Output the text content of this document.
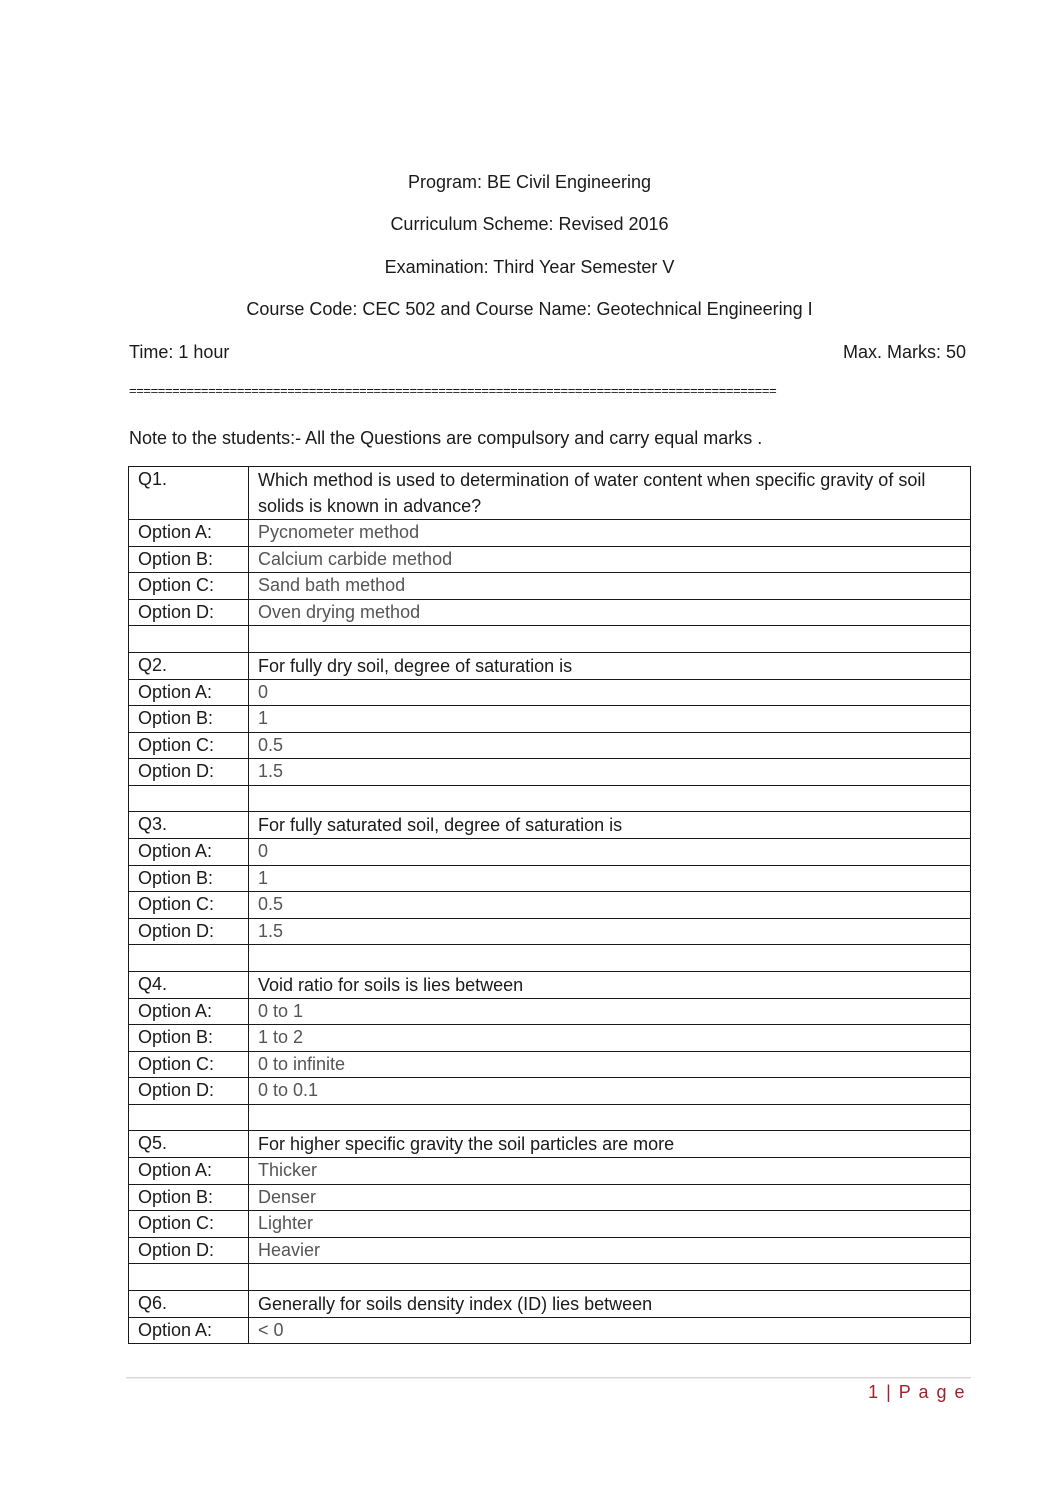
Program: BE Civil Engineering
Curriculum Scheme: Revised 2016
Examination: Third Year Semester V
Course Code: CEC 502 and Course Name: Geotechnical Engineering I
Time: 1 hour	Max. Marks: 50
==========================================================================================
Note to the students:- All the Questions are compulsory and carry equal marks .
Q1.	Which method is used to determination of water content when specific gravity of soil solids is known in advance?
Option A:	Pycnometer method
Option B:	Calcium carbide method
Option C:	Sand bath method
Option D:	Oven drying method

Q2.	For fully dry soil, degree of saturation is
Option A:	0
Option B:	1
Option C:	0.5
Option D:	1.5

Q3.	For fully saturated soil, degree of saturation is
Option A:	0
Option B:	1
Option C:	0.5
Option D:	1.5

Q4.	Void ratio for soils is lies between
Option A:	0 to 1
Option B:	1 to 2
Option C:	0 to infinite
Option D:	0 to 0.1

Q5.	For higher specific gravity the soil particles are more
Option A:	Thicker
Option B:	Denser
Option C:	Lighter
Option D:	Heavier

Q6.	Generally for soils density index (ID) lies between
Option A:	< 0
1 | P a g e
